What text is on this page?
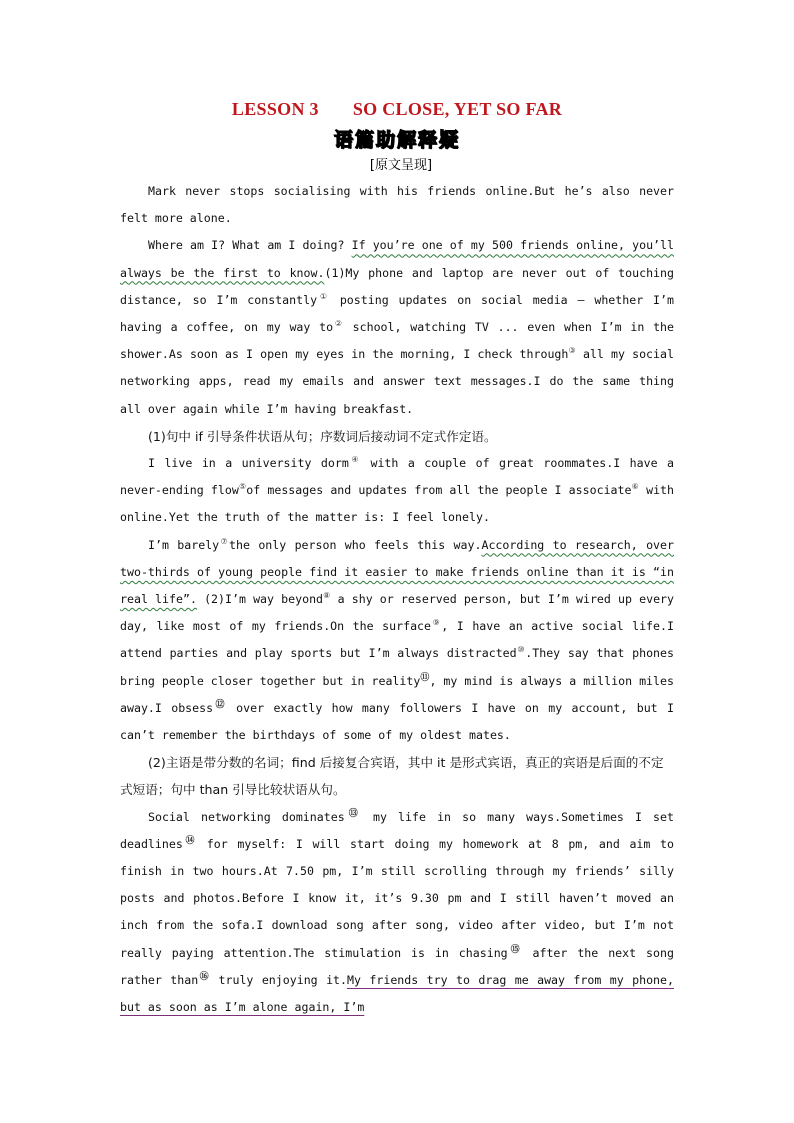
LESSON 3 SO CLOSE, YET SO FAR
语篇助解释疑

[原文呈现]

Mark never stops socialising with his friends online.But he’s also never felt more alone.

Where am I? What am I doing? If you’re one of my 500 friends online, you’ll always be the first to know.(1)My phone and laptop are never out of touching distance, so I’m constantly① posting updates on social media — whether I’m having a coffee, on my way to② school, watching TV ... even when I’m in the shower.As soon as I open my eyes in the morning, I check through③ all my social networking apps, read my emails and answer text messages.I do the same thing all over again while I’m having breakfast.

(1)句中 if 引导条件状语从句；序数词后接动词不定式作定语。

I live in a university dorm④ with a couple of great roommates.I have a never-ending flow⑤of messages and updates from all the people I associate⑥ with online.Yet the truth of the matter is: I feel lonely.

I’m barely⑦the only person who feels this way.According to research, over two-thirds of young people find it easier to make friends online than it is “in real life”. (2)I’m way beyond⑧ a shy or reserved person, but I’m wired up every day, like most of my friends.On the surface⑨, I have an active social life.I attend parties and play sports but I’m always distracted⑩.They say that phones bring people closer together but in reality⑪, my mind is always a million miles away.I obsess⑫ over exactly how many followers I have on my account, but I can’t remember the birthdays of some of my oldest mates.

(2)主语是带分数的名词；find 后接复合宾语，其中 it 是形式宾语，真正的宾语是后面的不定式短语；句中 than 引导比较状语从句。

Social networking dominates⑬ my life in so many ways.Sometimes I set deadlines⑭ for myself: I will start doing my homework at 8 pm, and aim to finish in two hours.At 7.50 pm, I’m still scrolling through my friends’ silly posts and photos.Before I know it, it’s 9.30 pm and I still haven’t moved an inch from the sofa.I download song after song, video after video, but I’m not really paying attention.The stimulation is in chasing⑮ after the next song rather than⑯ truly enjoying it.My friends try to drag me away from my phone, but as soon as I’m alone again, I’m
